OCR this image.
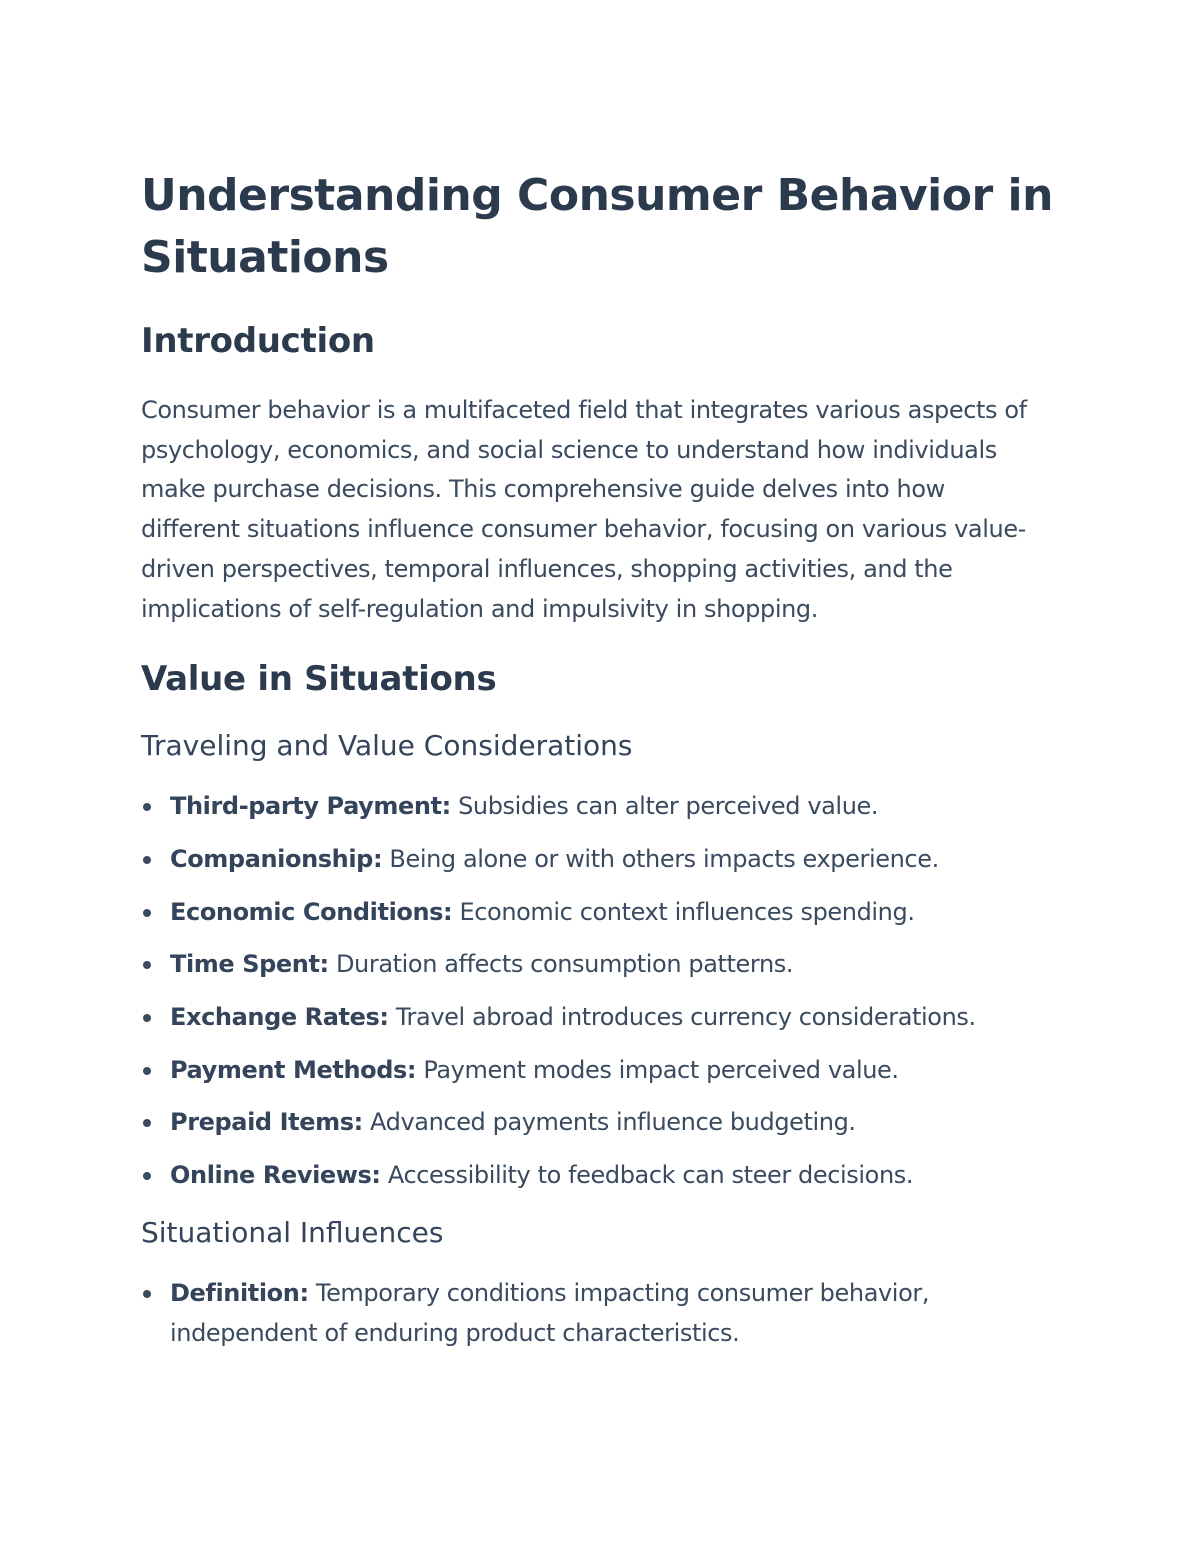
Understanding Consumer Behavior in Situations
Introduction

Consumer behavior is a multifaceted field that integrates various aspects of psychology, economics, and social science to understand how individuals make purchase decisions. This comprehensive guide delves into how different situations influence consumer behavior, focusing on various value-driven perspectives, temporal influences, shopping activities, and the implications of self-regulation and impulsivity in shopping.

Value in Situations
Traveling and Value Considerations
Third-party Payment: Subsidies can alter perceived value.
Companionship: Being alone or with others impacts experience.
Economic Conditions: Economic context influences spending.
Time Spent: Duration affects consumption patterns.
Exchange Rates: Travel abroad introduces currency considerations.
Payment Methods: Payment modes impact perceived value.
Prepaid Items: Advanced payments influence budgeting.
Online Reviews: Accessibility to feedback can steer decisions.
Situational Influences
Definition: Temporary conditions impacting consumer behavior, independent of enduring product characteristics.
